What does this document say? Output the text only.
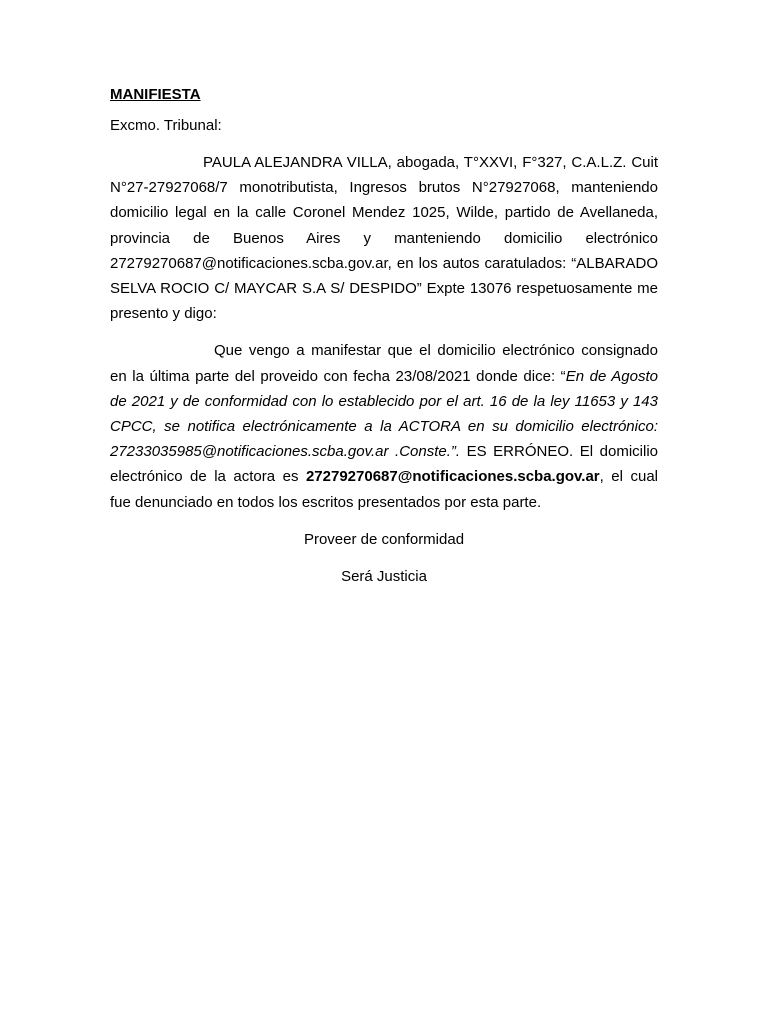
MANIFIESTA
Excmo. Tribunal:

PAULA ALEJANDRA VILLA, abogada, T°XXVI, F°327, C.A.L.Z. Cuit N°27-27927068/7 monotributista, Ingresos brutos N°27927068, manteniendo domicilio legal en la calle Coronel Mendez 1025, Wilde, partido de Avellaneda, provincia de Buenos Aires y manteniendo domicilio electrónico 27279270687@notificaciones.scba.gov.ar, en los autos caratulados: “ALBARADO SELVA ROCIO C/ MAYCAR S.A S/ DESPIDO” Expte 13076 respetuosamente me presento y digo:

Que vengo a manifestar que el domicilio electrónico consignado en la última parte del proveido con fecha 23/08/2021 donde dice: “En de Agosto de 2021 y de conformidad con lo establecido por el art. 16 de la ley 11653 y 143 CPCC, se notifica electrónicamente a la ACTORA en su domicilio electrónico: 27233035985@notificaciones.scba.gov.ar .Conste.”. ES ERRÓNEO. El domicilio electrónico de la actora es 27279270687@notificaciones.scba.gov.ar, el cual fue denunciado en todos los escritos presentados por esta parte.

Proveer de conformidad
Será Justicia
